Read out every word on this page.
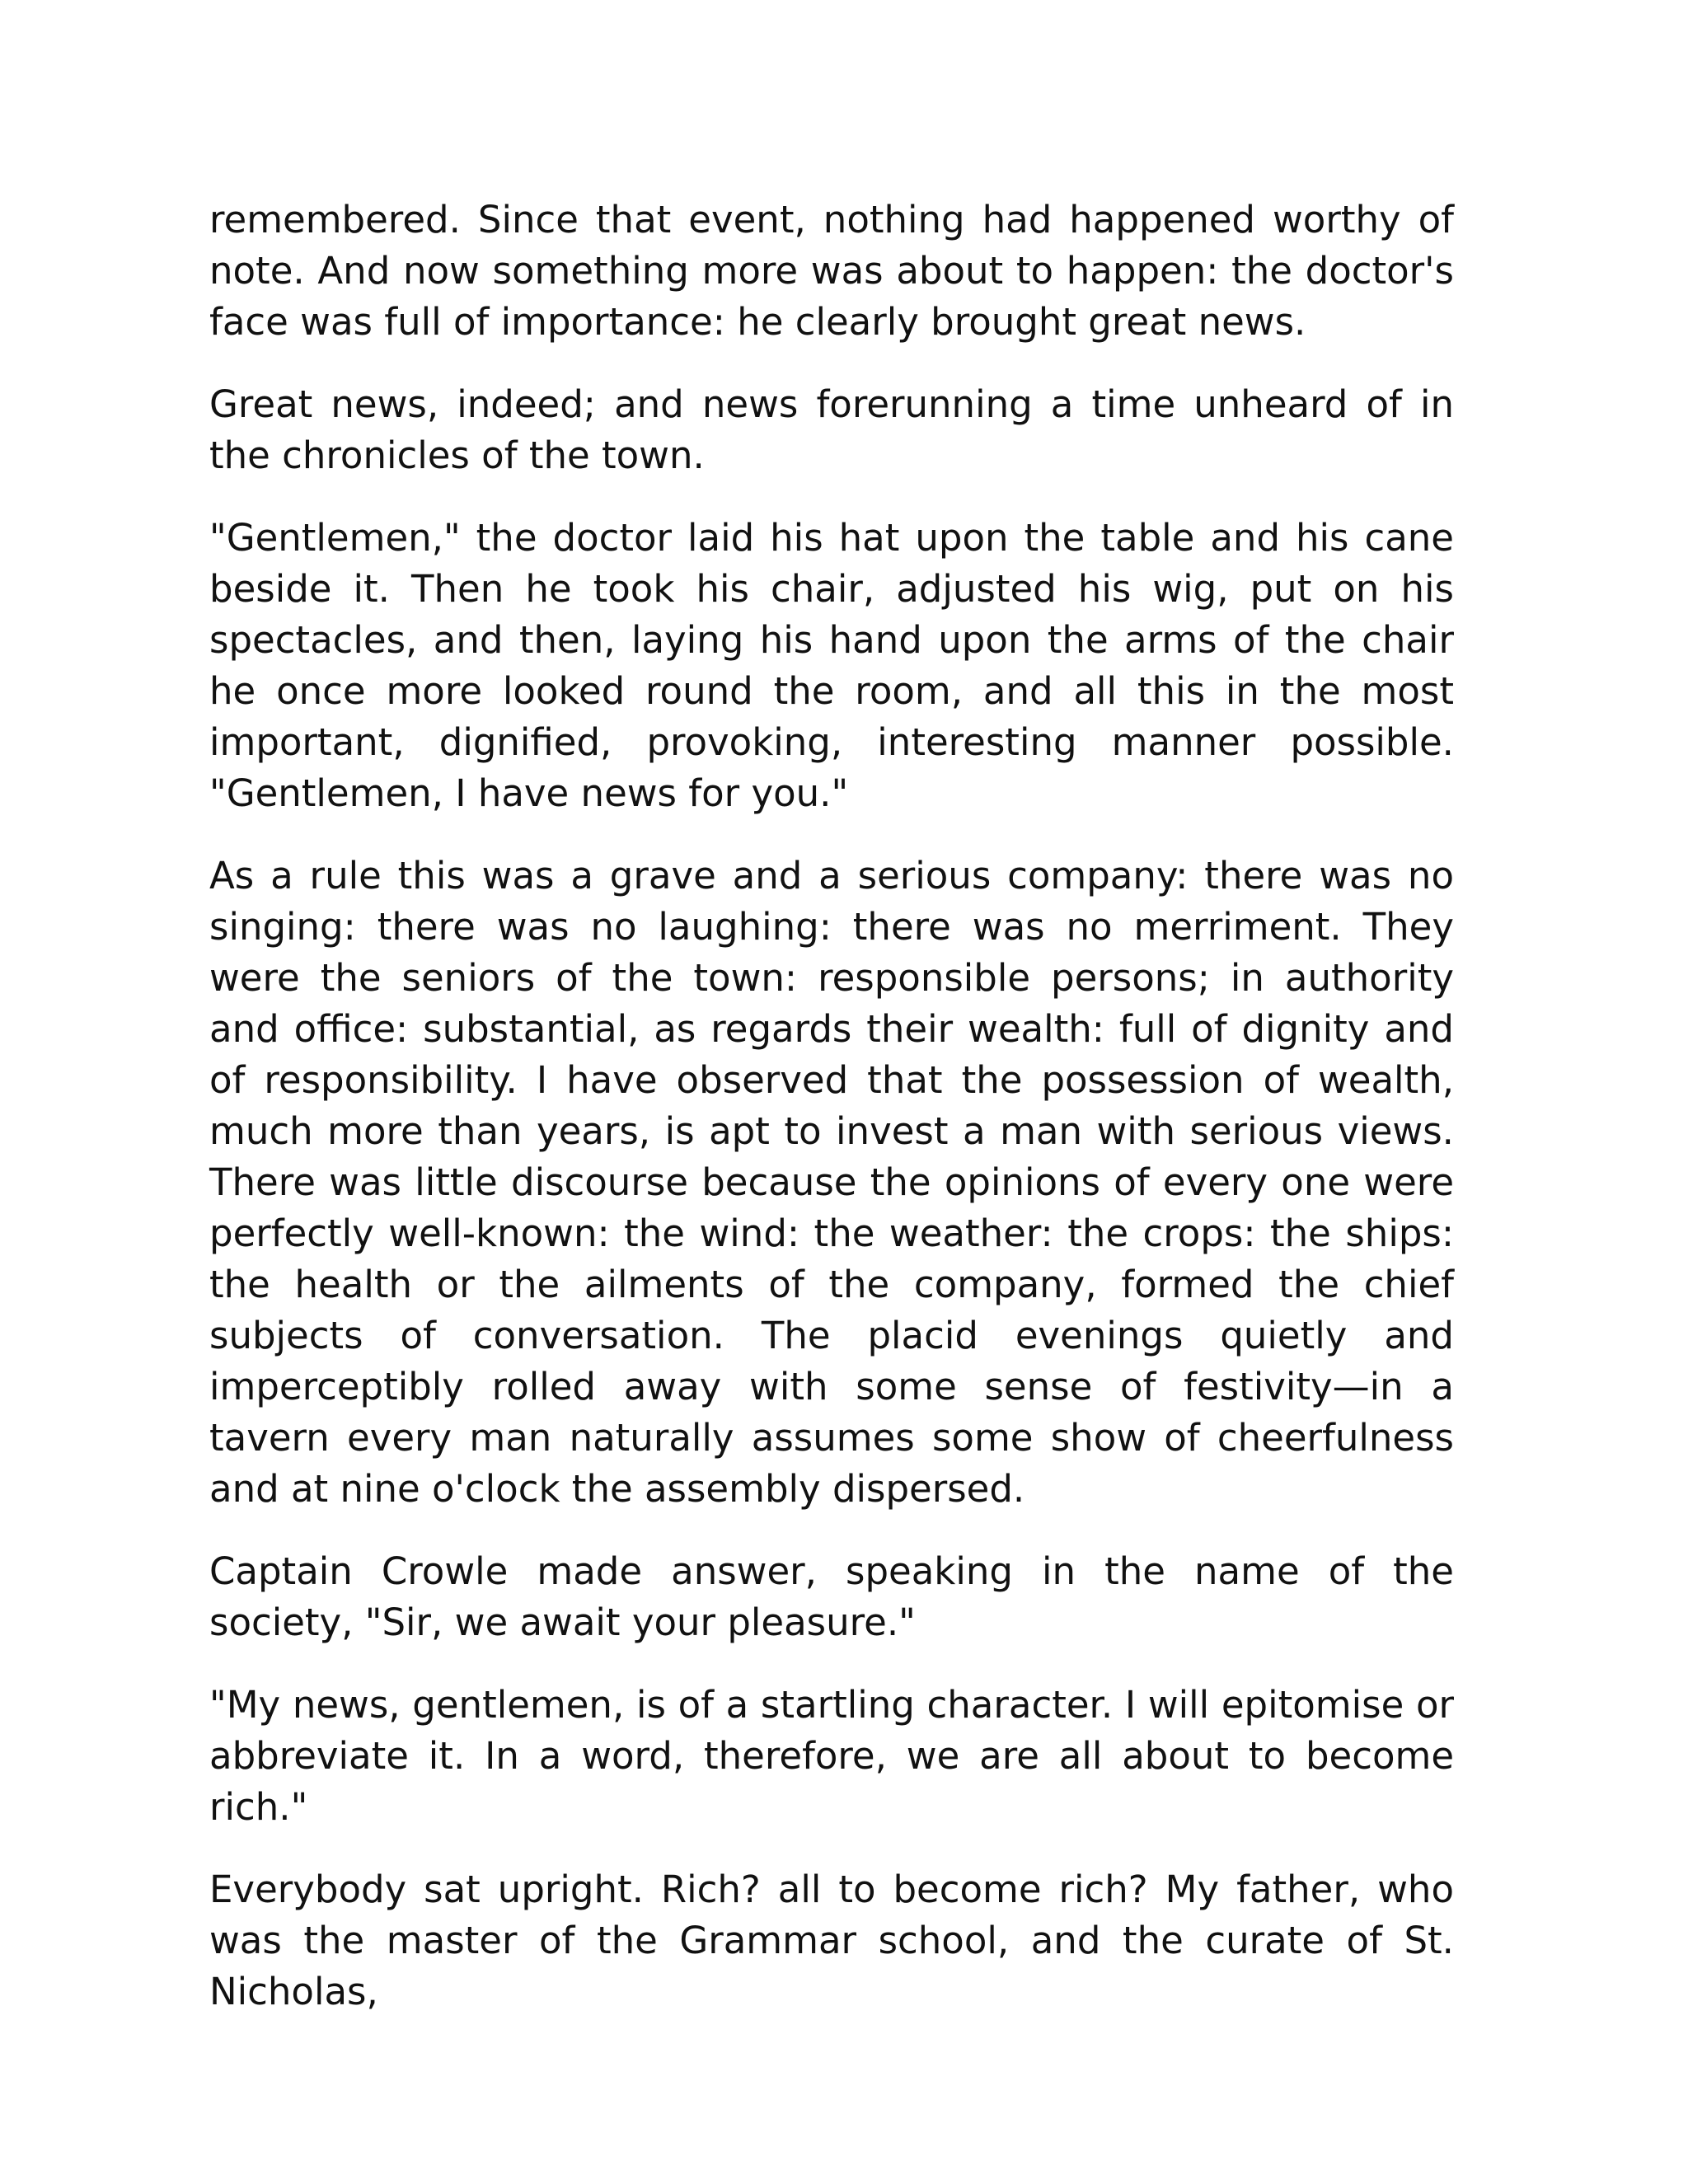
remembered. Since that event, nothing had happened worthy of note. And now something more was about to happen: the doctor's face was full of importance: he clearly brought great news.

Great news, indeed; and news forerunning a time unheard of in the chronicles of the town.

"Gentlemen," the doctor laid his hat upon the table and his cane beside it. Then he took his chair, adjusted his wig, put on his spectacles, and then, laying his hand upon the arms of the chair he once more looked round the room, and all this in the most important, dignified, provoking, interesting manner possible. "Gentlemen, I have news for you."

As a rule this was a grave and a serious company: there was no singing: there was no laughing: there was no merriment. They were the seniors of the town: responsible persons; in authority and office: substantial, as regards their wealth: full of dignity and of responsibility. I have observed that the possession of wealth, much more than years, is apt to invest a man with serious views. There was little discourse because the opinions of every one were perfectly well-known: the wind: the weather: the crops: the ships: the health or the ailments of the company, formed the chief subjects of conversation. The placid evenings quietly and imperceptibly rolled away with some sense of festivity—in a tavern every man naturally assumes some show of cheerfulness and at nine o'clock the assembly dispersed.

Captain Crowle made answer, speaking in the name of the society, "Sir, we await your pleasure."

"My news, gentlemen, is of a startling character. I will epitomise or abbreviate it. In a word, therefore, we are all about to become rich."

Everybody sat upright. Rich? all to become rich? My father, who was the master of the Grammar school, and the curate of St. Nicholas,
